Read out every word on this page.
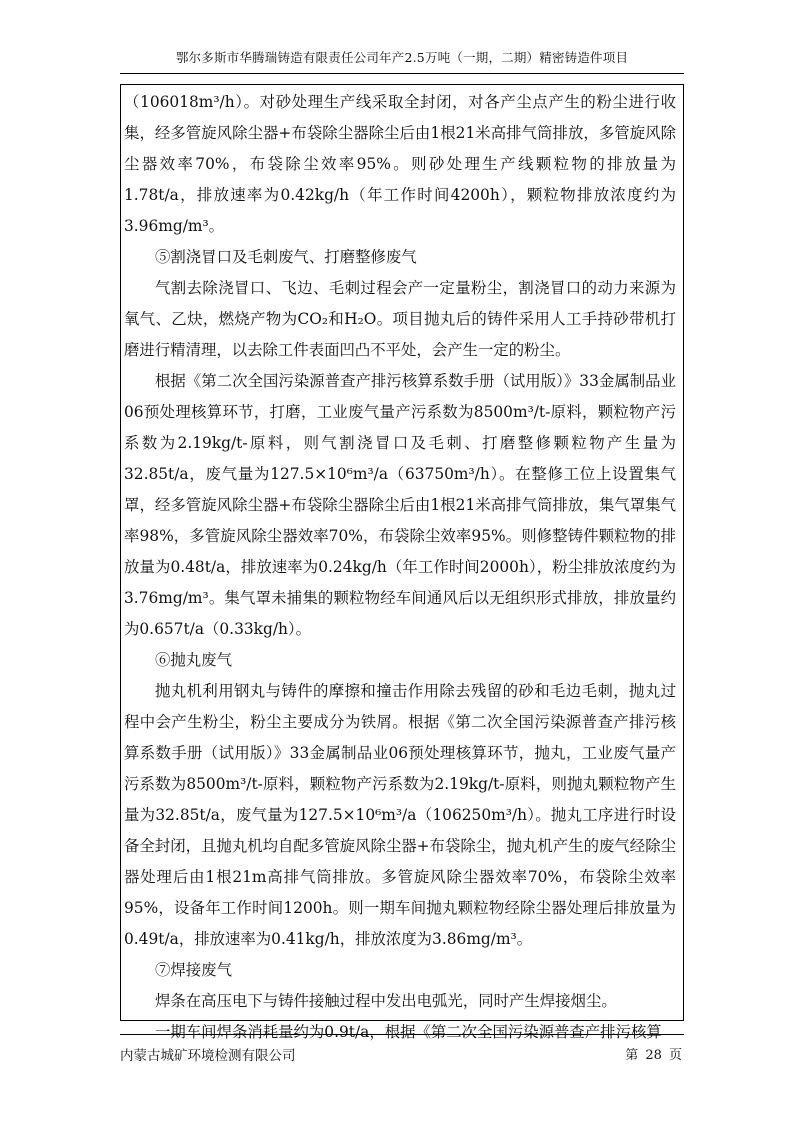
鄂尔多斯市华腾瑞铸造有限责任公司年产2.5万吨（一期，二期）精密铸造件项目

（106018m³/h）。对砂处理生产线采取全封闭，对各产尘点产生的粉尘进行收集，经多管旋风除尘器+布袋除尘器除尘后由1根21米高排气筒排放，多管旋风除尘器效率70%，布袋除尘效率95%。则砂处理生产线颗粒物的排放量为1.78t/a，排放速率为0.42kg/h（年工作时间4200h），颗粒物排放浓度约为3.96mg/m³。

⑤割浇冒口及毛刺废气、打磨整修废气

气割去除浇冒口、飞边、毛刺过程会产一定量粉尘，割浇冒口的动力来源为氧气、乙炔，燃烧产物为CO₂和H₂O。项目抛丸后的铸件采用人工手持砂带机打磨进行精清理，以去除工件表面凹凸不平处，会产生一定的粉尘。

根据《第二次全国污染源普查产排污核算系数手册（试用版）》33金属制品业06预处理核算环节，打磨，工业废气量产污系数为8500m³/t-原料，颗粒物产污系数为2.19kg/t-原料，则气割浇冒口及毛刺、打磨整修颗粒物产生量为32.85t/a，废气量为127.5×10⁶m³/a（63750m³/h）。在整修工位上设置集气罩，经多管旋风除尘器+布袋除尘器除尘后由1根21米高排气筒排放，集气罩集气率98%，多管旋风除尘器效率70%，布袋除尘效率95%。则修整铸件颗粒物的排放量为0.48t/a，排放速率为0.24kg/h（年工作时间2000h），粉尘排放浓度约为3.76mg/m³。集气罩未捕集的颗粒物经车间通风后以无组织形式排放，排放量约为0.657t/a（0.33kg/h）。

⑥抛丸废气

抛丸机利用钢丸与铸件的摩擦和撞击作用除去残留的砂和毛边毛刺，抛丸过程中会产生粉尘，粉尘主要成分为铁屑。根据《第二次全国污染源普查产排污核算系数手册（试用版）》33金属制品业06预处理核算环节，抛丸，工业废气量产污系数为8500m³/t-原料，颗粒物产污系数为2.19kg/t-原料，则抛丸颗粒物产生量为32.85t/a，废气量为127.5×10⁶m³/a（106250m³/h）。抛丸工序进行时设备全封闭，且抛丸机均自配多管旋风除尘器+布袋除尘，抛丸机产生的废气经除尘器处理后由1根21m高排气筒排放。多管旋风除尘器效率70%，布袋除尘效率95%，设备年工作时间1200h。则一期车间抛丸颗粒物经除尘器处理后排放量为0.49t/a，排放速率为0.41kg/h，排放浓度为3.86mg/m³。

⑦焊接废气

焊条在高压电下与铸件接触过程中发出电弧光，同时产生焊接烟尘。

一期车间焊条消耗量约为0.9t/a，根据《第二次全国污染源普查产排污核算

内蒙古城矿环境检测有限公司	第 28 页
